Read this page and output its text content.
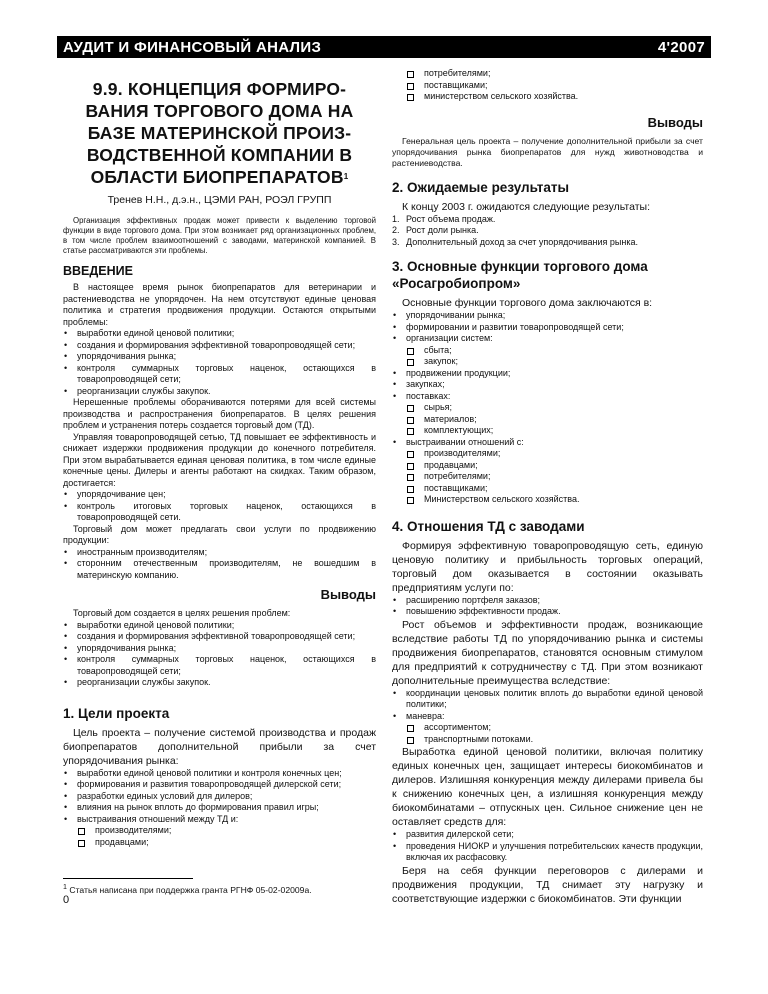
АУДИТ И ФИНАНСОВЫЙ АНАЛИЗ	4'2007
9.9. КОНЦЕПЦИЯ ФОРМИРО-ВАНИЯ ТОРГОВОГО ДОМА НА БАЗЕ МАТЕРИНСКОЙ ПРОИЗ-ВОДСТВЕННОЙ КОМПАНИИ В ОБЛАСТИ БИОПРЕПАРАТОВ$^1$
Тренев Н.Н., д.э.н., ЦЭМИ РАН, РОЭЛ ГРУПП

Организация эффективных продаж может привести к выделению торговой функции в виде торгового дома. При этом возникает ряд организационных проблем, в том числе проблем взаимоотношений с заводами, материнской компанией. В статье рассматриваются эти проблемы.

ВВЕДЕНИЕ

В настоящее время рынок биопрепаратов для ветеринарии и растениеводства не упорядочен. На нем отсутствуют единые ценовая политика и стратегия продвижения продукции. Остаются открытыми проблемы:

• выработки единой ценовой политики;
• создания и формирования эффективной товаропроводящей сети;
• упорядочивания рынка;
• контроля суммарных торговых наценок, остающихся в товаропроводящей сети;
• реорганизации службы закупок.

Нерешенные проблемы оборачиваются потерями для всей системы производства и распространения биопрепаратов. В целях решения проблем и устранения потерь создается торговый дом (ТД).

Управляя товаропроводящей сетью, ТД повышает ее эффективность и снижает издержки продвижения продукции до конечного потребителя. При этом вырабатывается единая ценовая политика, в том числе единые конечные цены. Дилеры и агенты работают на скидках. Таким образом, достигается:

• упорядочивание цен;
• контроль итоговых торговых наценок, остающихся в товаропроводящей сети.

Торговый дом может предлагать свои услуги по продвижению продукции:

• иностранным производителям;
• сторонним отечественным производителям, не вошедшим в материнскую компанию.
Выводы

Торговый дом создается в целях решения проблем:

• выработки единой ценовой политики;
• создания и формирования эффективной товаропроводящей сети;
• упорядочивания рынка;
• контроля суммарных торговых наценок, остающихся в товаропроводящей сети;
• реорганизации службы закупок.
1. Цели проекта

Цель проекта – получение системой производства и продаж биопрепаратов дополнительной прибыли за счет упорядочивания рынка:

• выработки единой ценовой политики и контроля конечных цен;
• формирования и развития товаропроводящей дилерской сети;
• разработки единых условий для дилеров;
• влияния на рынок вплоть до формирования правил игры;
• выстраивания отношений между ТД и:
производителями;
продавцами;
$^1$ Статья написана при поддержка гранта РГНФ 05-02-02009а.
0
потребителями;
поставщиками;
министерством сельского хозяйства.
Выводы

Генеральная цель проекта – получение дополнительной прибыли за счет упорядочивания рынка биопрепаратов для нужд животноводства и растениеводства.

2. Ожидаемые результаты

К концу 2003 г. ожидаются следующие результаты:

1. Рост объема продаж.
2. Рост доли рынка.
3. Дополнительный доход за счет упорядочивания рынка.
3. Основные функции торгового дома «Росагробиопром»

Основные функции торгового дома заключаются в:

• упорядочивании рынка;
• формировании и развитии товаропроводящей сети;
• организации систем:
сбыта;
закупок;
• продвижении продукции;
• закупках;
• поставках:
сырья;
материалов;
комплектующих;
• выстраивании отношений с:
производителями;
продавцами;
потребителями;
поставщиками;
Министерством сельского хозяйства.
4. Отношения ТД с заводами

Формируя эффективную товаропроводящую сеть, единую ценовую политику и прибыльность торговых операций, торговый дом оказывается в состоянии оказывать предприятиям услуги по:

• расширению портфеля заказов;
• повышению эффективности продаж.

Рост объемов и эффективности продаж, возникающие вследствие работы ТД по упорядочиванию рынка и системы продвижения биопрепаратов, становятся основным стимулом для предприятий к сотрудничеству с ТД. При этом возникают дополнительные преимущества вследствие:

• координации ценовых политик вплоть до выработки единой ценовой политики;
• маневра:
ассортиментом;
транспортными потоками.

Выработка единой ценовой политики, включая политику единых конечных цен, защищает интересы биокомбинатов и дилеров. Излишняя конкуренция между дилерами привела бы к снижению конечных цен, а излишняя конкуренция между биокомбинатами – отпускных цен. Сильное снижение цен не оставляет средств для:

• развития дилерской сети;
• проведения НИОКР и улучшения потребительских качеств продукции, включая их расфасовку.

Беря на себя функции переговоров с дилерами и продвижения продукции, ТД снимает эту нагрузку и соответствующие издержки с биокомбинатов. Эти функции
